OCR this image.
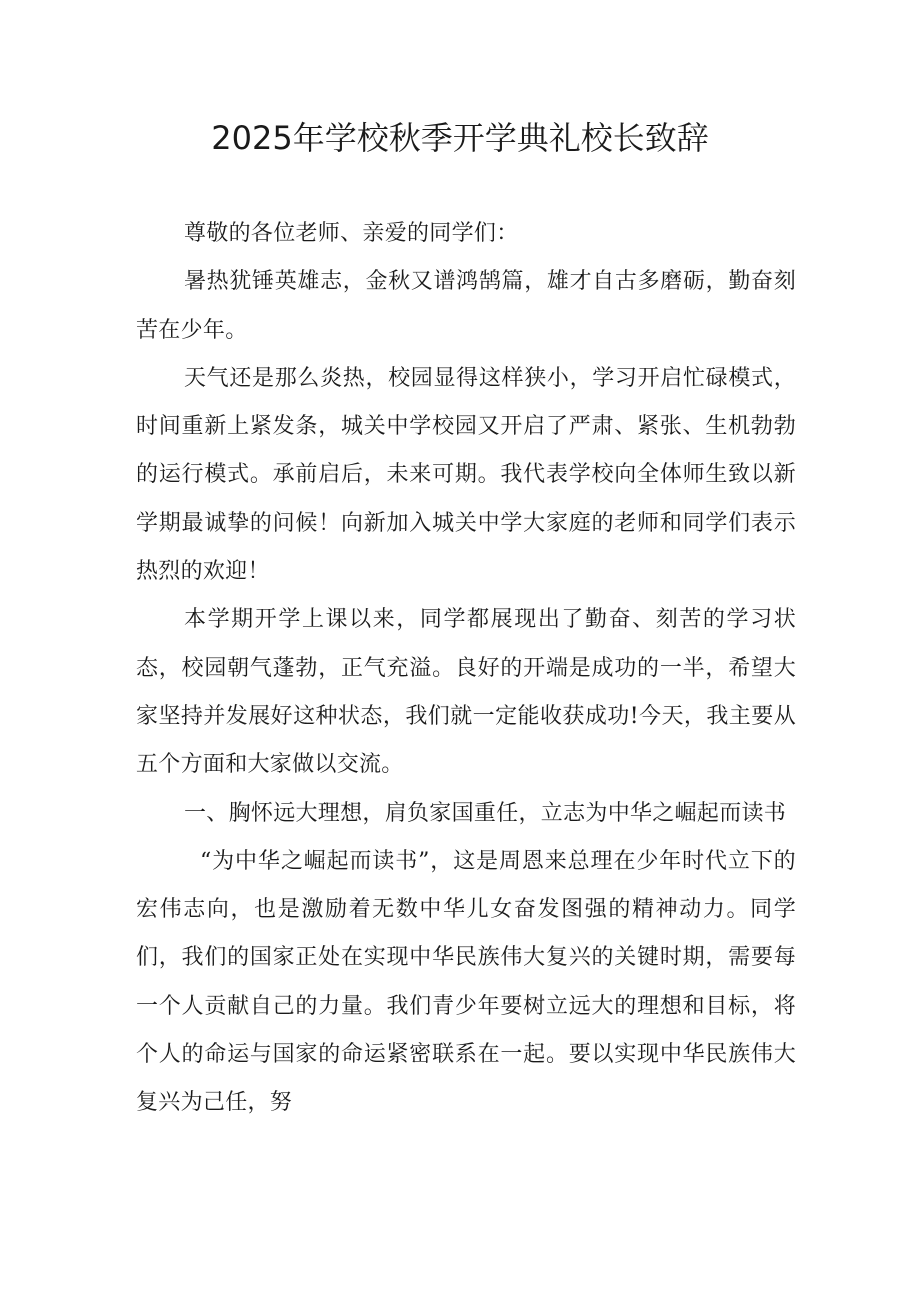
2025年学校秋季开学典礼校长致辞

尊敬的各位老师、亲爱的同学们：

暑热犹锤英雄志，金秋又谱鸿鹄篇，雄才自古多磨砺，勤奋刻苦在少年。

天气还是那么炎热，校园显得这样狭小，学习开启忙碌模式，时间重新上紧发条，城关中学校园又开启了严肃、紧张、生机勃勃的运行模式。承前启后，未来可期。我代表学校向全体师生致以新学期最诚挚的问候！向新加入城关中学大家庭的老师和同学们表示热烈的欢迎！

本学期开学上课以来，同学都展现出了勤奋、刻苦的学习状态，校园朝气蓬勃，正气充溢。良好的开端是成功的一半，希望大家坚持并发展好这种状态，我们就一定能收获成功!今天，我主要从五个方面和大家做以交流。

一、胸怀远大理想，肩负家国重任，立志为中华之崛起而读书

“为中华之崛起而读书”，这是周恩来总理在少年时代立下的宏伟志向，也是激励着无数中华儿女奋发图强的精神动力。同学们，我们的国家正处在实现中华民族伟大复兴的关键时期，需要每一个人贡献自己的力量。我们青少年要树立远大的理想和目标，将个人的命运与国家的命运紧密联系在一起。要以实现中华民族伟大复兴为己任，努
